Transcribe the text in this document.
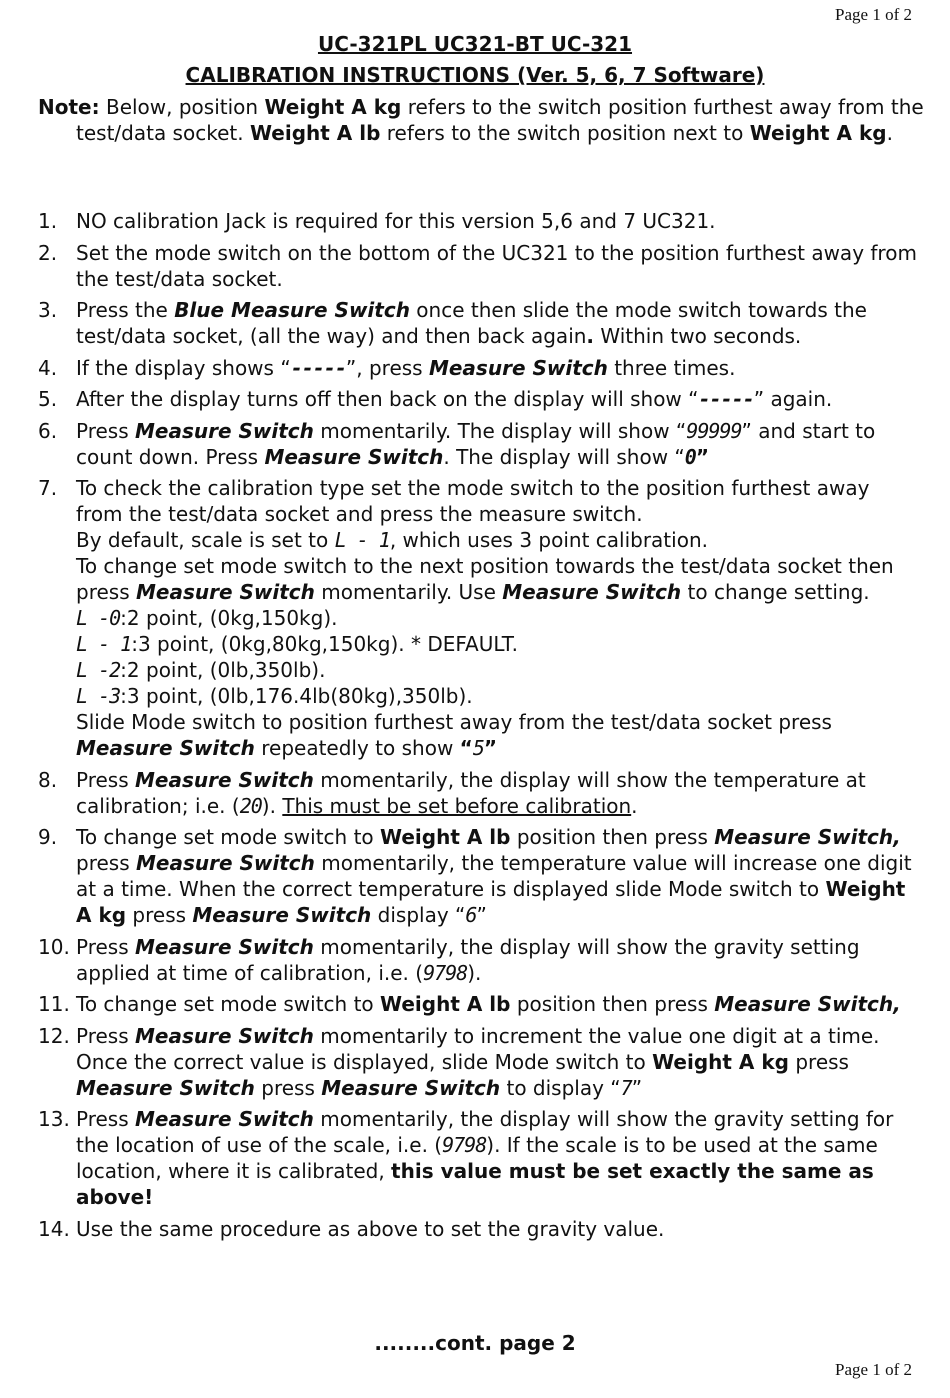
Page 1 of 2
UC-321PL UC321-BT UC-321
CALIBRATION INSTRUCTIONS (Ver. 5, 6, 7 Software)
Note: Below, position Weight A kg refers to the switch position furthest away from the test/data socket. Weight A lb refers to the switch position next to Weight A kg.
1. NO calibration Jack is required for this version 5,6 and 7 UC321.
2. Set the mode switch on the bottom of the UC321 to the position furthest away from the test/data socket.
3. Press the Blue Measure Switch once then slide the mode switch towards the test/data socket, (all the way) and then back again. Within two seconds.
4. If the display shows “-----”, press Measure Switch three times.
5. After the display turns off then back on the display will show “-----” again.
6. Press Measure Switch momentarily. The display will show “99999” and start to count down. Press Measure Switch. The display will show “0”
7. To check the calibration type set the mode switch to the position furthest away from the test/data socket and press the measure switch.
By default, scale is set to L - 1, which uses 3 point calibration.
To change set mode switch to the next position towards the test/data socket then press Measure Switch momentarily. Use Measure Switch to change setting.
L -0:2 point, (0kg,150kg).
L - 1:3 point, (0kg,80kg,150kg). * DEFAULT.
L -2:2 point, (0lb,350lb).
L -3:3 point, (0lb,176.4lb(80kg),350lb).
Slide Mode switch to position furthest away from the test/data socket press Measure Switch repeatedly to show “5”
8. Press Measure Switch momentarily, the display will show the temperature at calibration; i.e. (20). This must be set before calibration.
9. To change set mode switch to Weight A lb position then press Measure Switch, press Measure Switch momentarily, the temperature value will increase one digit at a time. When the correct temperature is displayed slide Mode switch to Weight A kg press Measure Switch display “6”
10. Press Measure Switch momentarily, the display will show the gravity setting applied at time of calibration, i.e. (9798).
11. To change set mode switch to Weight A lb position then press Measure Switch,
12. Press Measure Switch momentarily to increment the value one digit at a time. Once the correct value is displayed, slide Mode switch to Weight A kg press Measure Switch press Measure Switch to display “7”
13. Press Measure Switch momentarily, the display will show the gravity setting for the location of use of the scale, i.e. (9798). If the scale is to be used at the same location, where it is calibrated, this value must be set exactly the same as above!
14. Use the same procedure as above to set the gravity value.
........cont. page 2
Page 1 of 2
